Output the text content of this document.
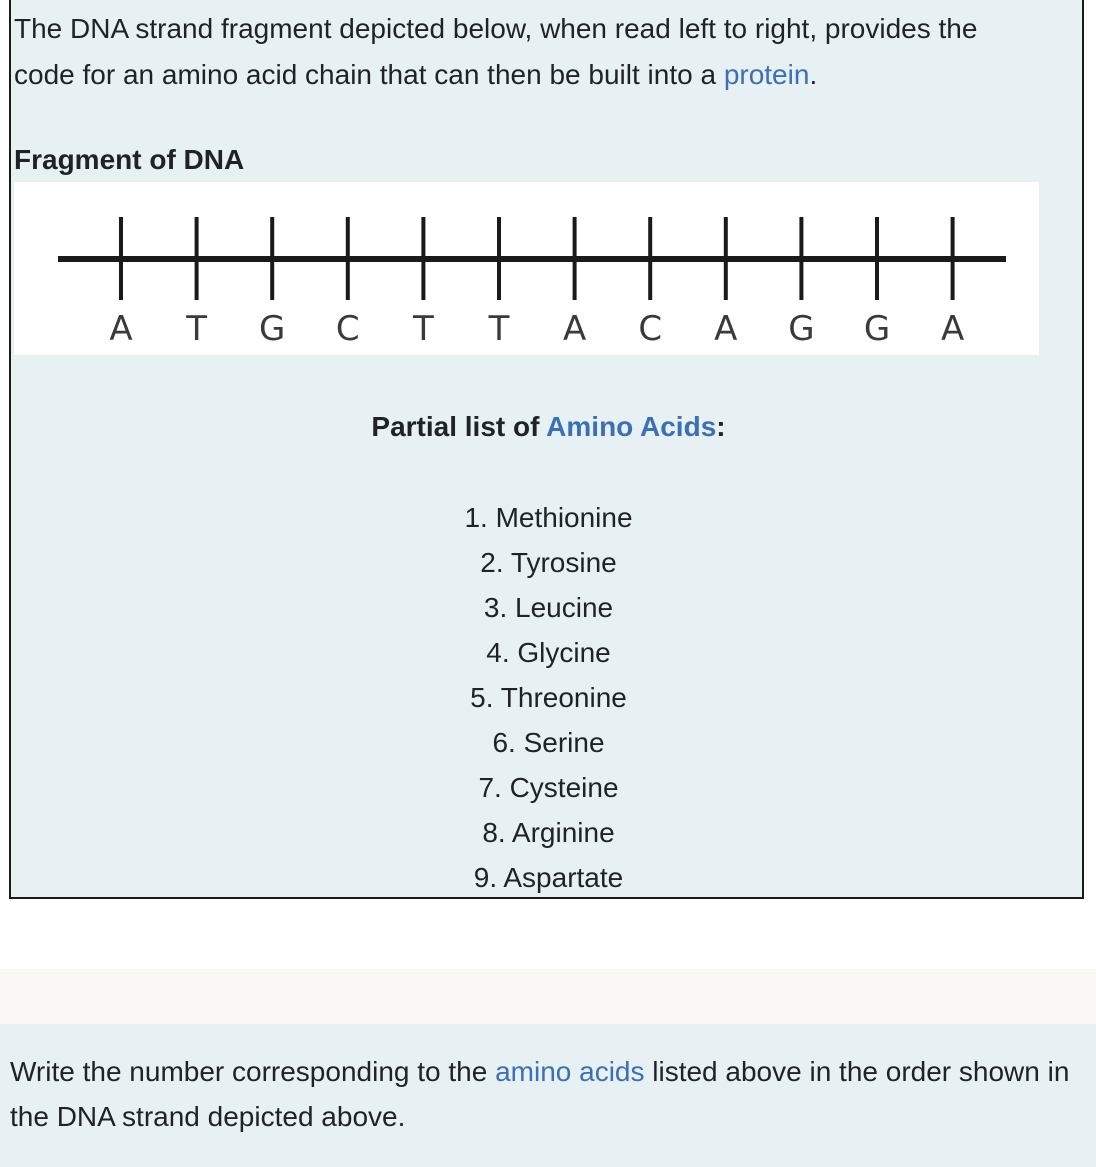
The DNA strand fragment depicted below, when read left to right, provides the
code for an amino acid chain that can then be built into a protein.

Fragment of DNA
A T G C T T A C A G G A
Partial list of Amino Acids:
1. Methionine
2. Tyrosine
3. Leucine
4. Glycine
5. Threonine
6. Serine
7. Cysteine
8. Arginine
9. Aspartate

Write the number corresponding to the amino acids listed above in the order shown in the DNA strand depicted above.
